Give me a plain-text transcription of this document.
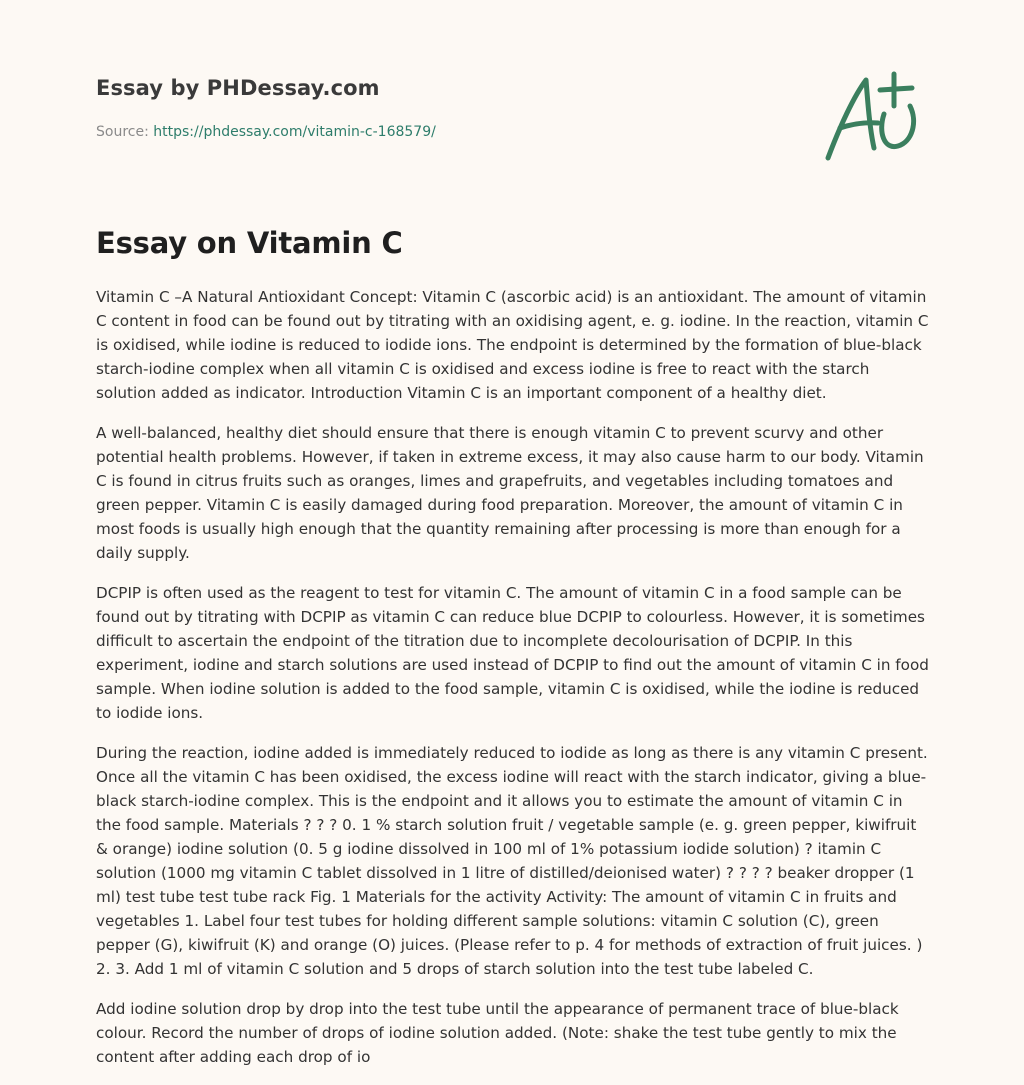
Essay by PHDessay.com
Source: https://phdessay.com/vitamin-c-168579/
Essay on Vitamin C

Vitamin C –A Natural Antioxidant Concept: Vitamin C (ascorbic acid) is an antioxidant. The amount of vitamin C content in food can be found out by titrating with an oxidising agent, e. g. iodine. In the reaction, vitamin C is oxidised, while iodine is reduced to iodide ions. The endpoint is determined by the formation of blue-black starch-iodine complex when all vitamin C is oxidised and excess iodine is free to react with the starch solution added as indicator. Introduction Vitamin C is an important component of a healthy diet.

A well-balanced, healthy diet should ensure that there is enough vitamin C to prevent scurvy and other potential health problems. However, if taken in extreme excess, it may also cause harm to our body. Vitamin C is found in citrus fruits such as oranges, limes and grapefruits, and vegetables including tomatoes and green pepper. Vitamin C is easily damaged during food preparation. Moreover, the amount of vitamin C in most foods is usually high enough that the quantity remaining after processing is more than enough for a daily supply.

DCPIP is often used as the reagent to test for vitamin C. The amount of vitamin C in a food sample can be found out by titrating with DCPIP as vitamin C can reduce blue DCPIP to colourless. However, it is sometimes difficult to ascertain the endpoint of the titration due to incomplete decolourisation of DCPIP. In this experiment, iodine and starch solutions are used instead of DCPIP to find out the amount of vitamin C in food sample. When iodine solution is added to the food sample, vitamin C is oxidised, while the iodine is reduced to iodide ions.

During the reaction, iodine added is immediately reduced to iodide as long as there is any vitamin C present. Once all the vitamin C has been oxidised, the excess iodine will react with the starch indicator, giving a blue-black starch-iodine complex. This is the endpoint and it allows you to estimate the amount of vitamin C in the food sample. Materials ? ? ? 0. 1 % starch solution fruit / vegetable sample (e. g. green pepper, kiwifruit & orange) iodine solution (0. 5 g iodine dissolved in 100 ml of 1% potassium iodide solution) ? itamin C solution (1000 mg vitamin C tablet dissolved in 1 litre of distilled/deionised water) ? ? ? ? beaker dropper (1 ml) test tube test tube rack Fig. 1 Materials for the activity Activity: The amount of vitamin C in fruits and vegetables 1. Label four test tubes for holding different sample solutions: vitamin C solution (C), green pepper (G), kiwifruit (K) and orange (O) juices. (Please refer to p. 4 for methods of extraction of fruit juices. ) 2. 3. Add 1 ml of vitamin C solution and 5 drops of starch solution into the test tube labeled C.

Add iodine solution drop by drop into the test tube until the appearance of permanent trace of blue-black colour. Record the number of drops of iodine solution added. (Note: shake the test tube gently to mix the content after adding each drop of io
